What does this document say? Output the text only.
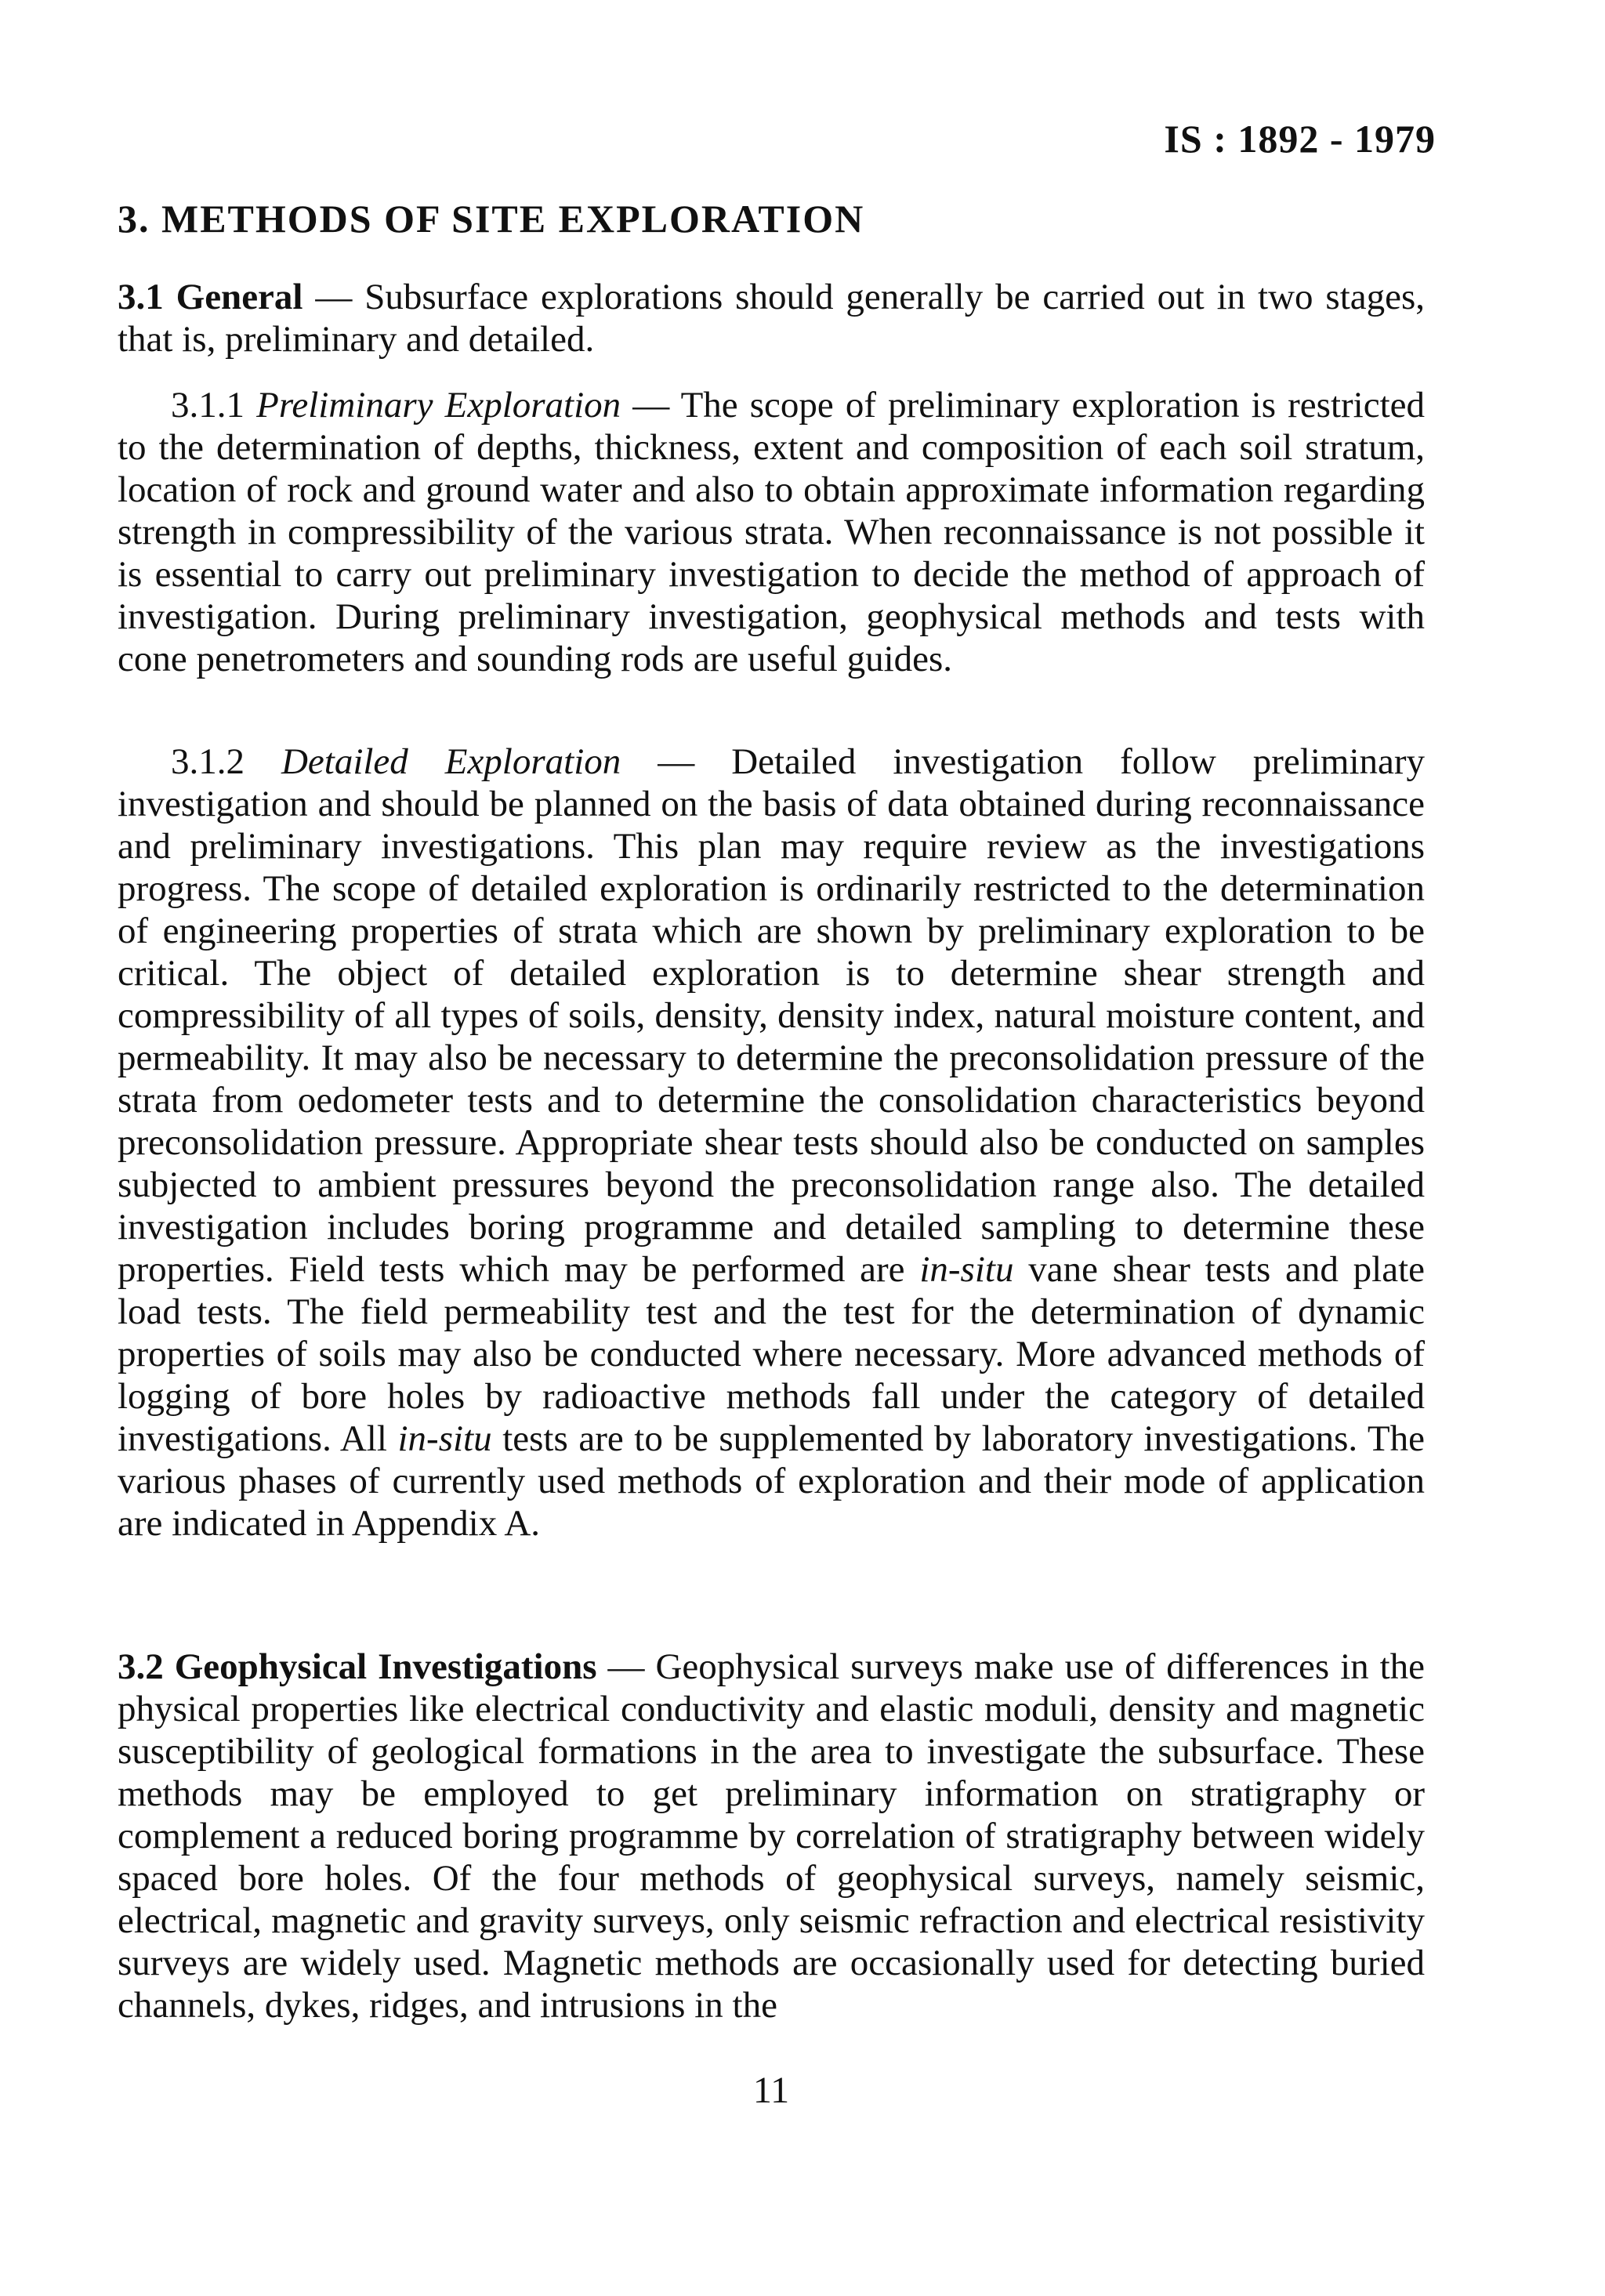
IS : 1892 - 1979
3. METHODS OF SITE EXPLORATION

3.1 General — Subsurface explorations should generally be carried out in two stages, that is, preliminary and detailed.

3.1.1 Preliminary Exploration — The scope of preliminary exploration is restricted to the determination of depths, thickness, extent and composition of each soil stratum, location of rock and ground water and also to obtain approximate information regarding strength in compressibility of the various strata. When reconnaissance is not possible it is essential to carry out preliminary investigation to decide the method of approach of investigation. During preliminary investigation, geophysical methods and tests with cone penetrometers and sounding rods are useful guides.

3.1.2 Detailed Exploration — Detailed investigation follow preliminary investigation and should be planned on the basis of data obtained during reconnaissance and preliminary investigations. This plan may require review as the investigations progress. The scope of detailed exploration is ordinarily restricted to the determination of engineering properties of strata which are shown by preliminary exploration to be critical. The object of detailed exploration is to determine shear strength and compressibility of all types of soils, density, density index, natural moisture content, and permeability. It may also be necessary to determine the preconsolidation pressure of the strata from oedometer tests and to determine the consolidation characteristics beyond preconsolidation pressure. Appropriate shear tests should also be conducted on samples subjected to ambient pressures beyond the preconsolidation range also. The detailed investigation includes boring programme and detailed sampling to determine these properties. Field tests which may be performed are in-situ vane shear tests and plate load tests. The field permeability test and the test for the determination of dynamic properties of soils may also be conducted where necessary. More advanced methods of logging of bore holes by radioactive methods fall under the category of detailed investigations. All in-situ tests are to be supplemented by laboratory investigations. The various phases of currently used methods of exploration and their mode of application are indicated in Appendix A.

3.2 Geophysical Investigations — Geophysical surveys make use of differences in the physical properties like electrical conductivity and elastic moduli, density and magnetic susceptibility of geological formations in the area to investigate the subsurface. These methods may be employed to get preliminary information on stratigraphy or complement a reduced boring programme by correlation of stratigraphy between widely spaced bore holes. Of the four methods of geophysical surveys, namely seismic, electrical, magnetic and gravity surveys, only seismic refraction and electrical resistivity surveys are widely used. Magnetic methods are occasionally used for detecting buried channels, dykes, ridges, and intrusions in the

11
